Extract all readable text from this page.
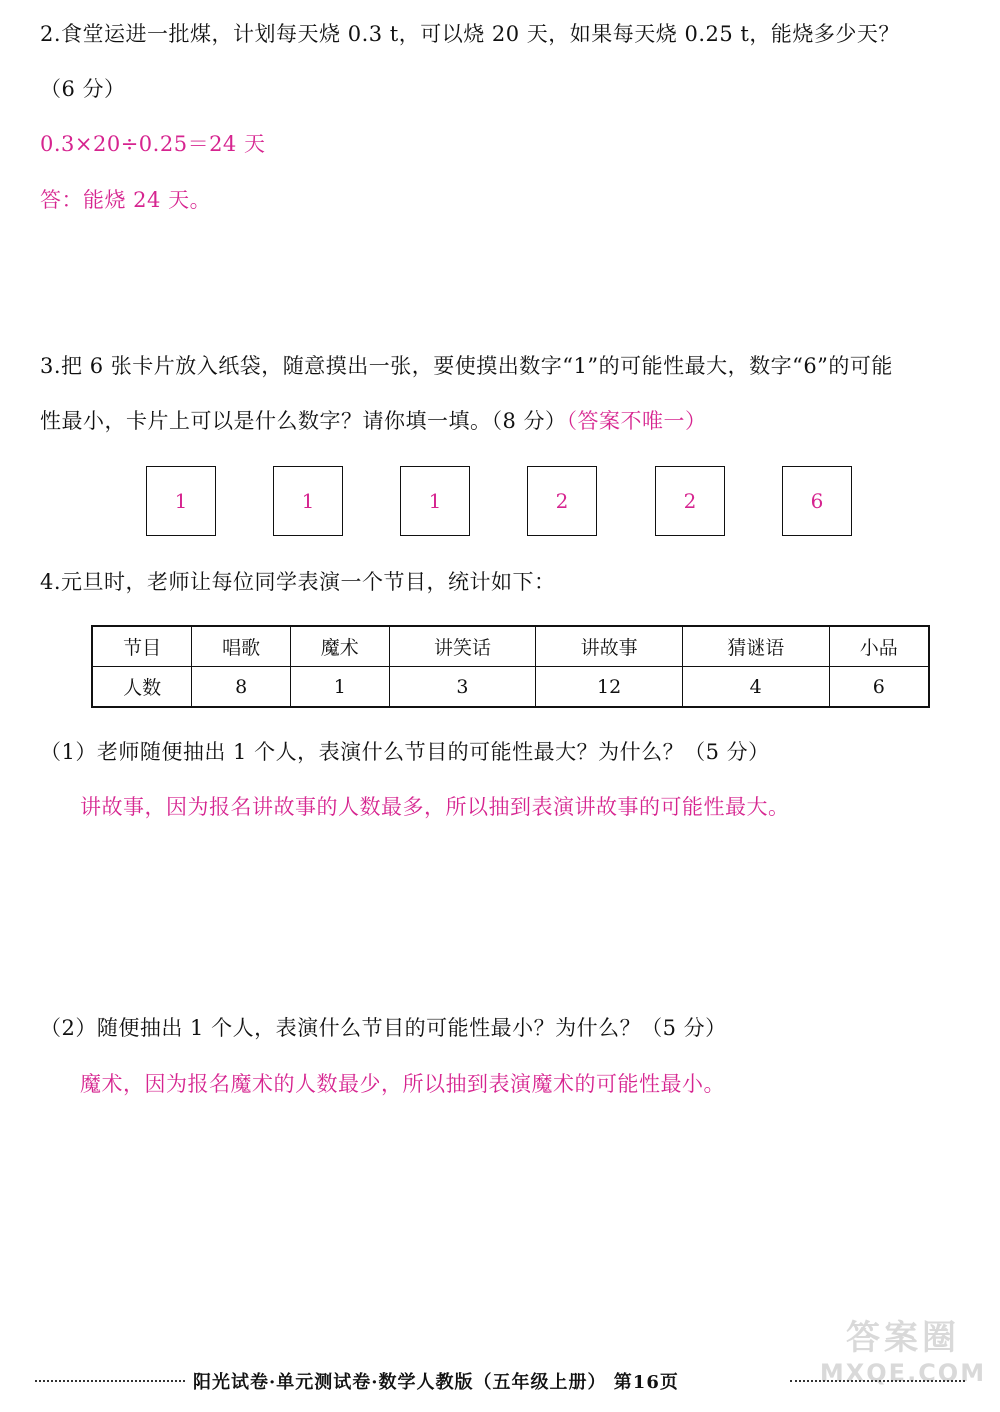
2.食堂运进一批煤，计划每天烧 0.3 t，可以烧 20 天，如果每天烧 0.25 t，能烧多少天？
（6 分）
0.3×20÷0.25＝24 天
答：能烧 24 天。
3.把 6 张卡片放入纸袋，随意摸出一张，要使摸出数字“1”的可能性最大，数字“6”的可能
性最小，卡片上可以是什么数字？请你填一填。（8 分）（答案不唯一）
1	1	1	2	2	6
4.元旦时，老师让每位同学表演一个节目，统计如下：
节目	唱歌	魔术	讲笑话	讲故事	猜谜语	小品
人数	8	1	3	12	4	6
（1）老师随便抽出 1 个人，表演什么节目的可能性最大？为什么？（5 分）
讲故事，因为报名讲故事的人数最多，所以抽到表演讲故事的可能性最大。
（2）随便抽出 1 个人，表演什么节目的可能性最小？为什么？（5 分）
魔术，因为报名魔术的人数最少，所以抽到表演魔术的可能性最小。
答案圈
MXQE.COM
阳光试卷·单元测试卷·数学人教版（五年级上册） 第16页
